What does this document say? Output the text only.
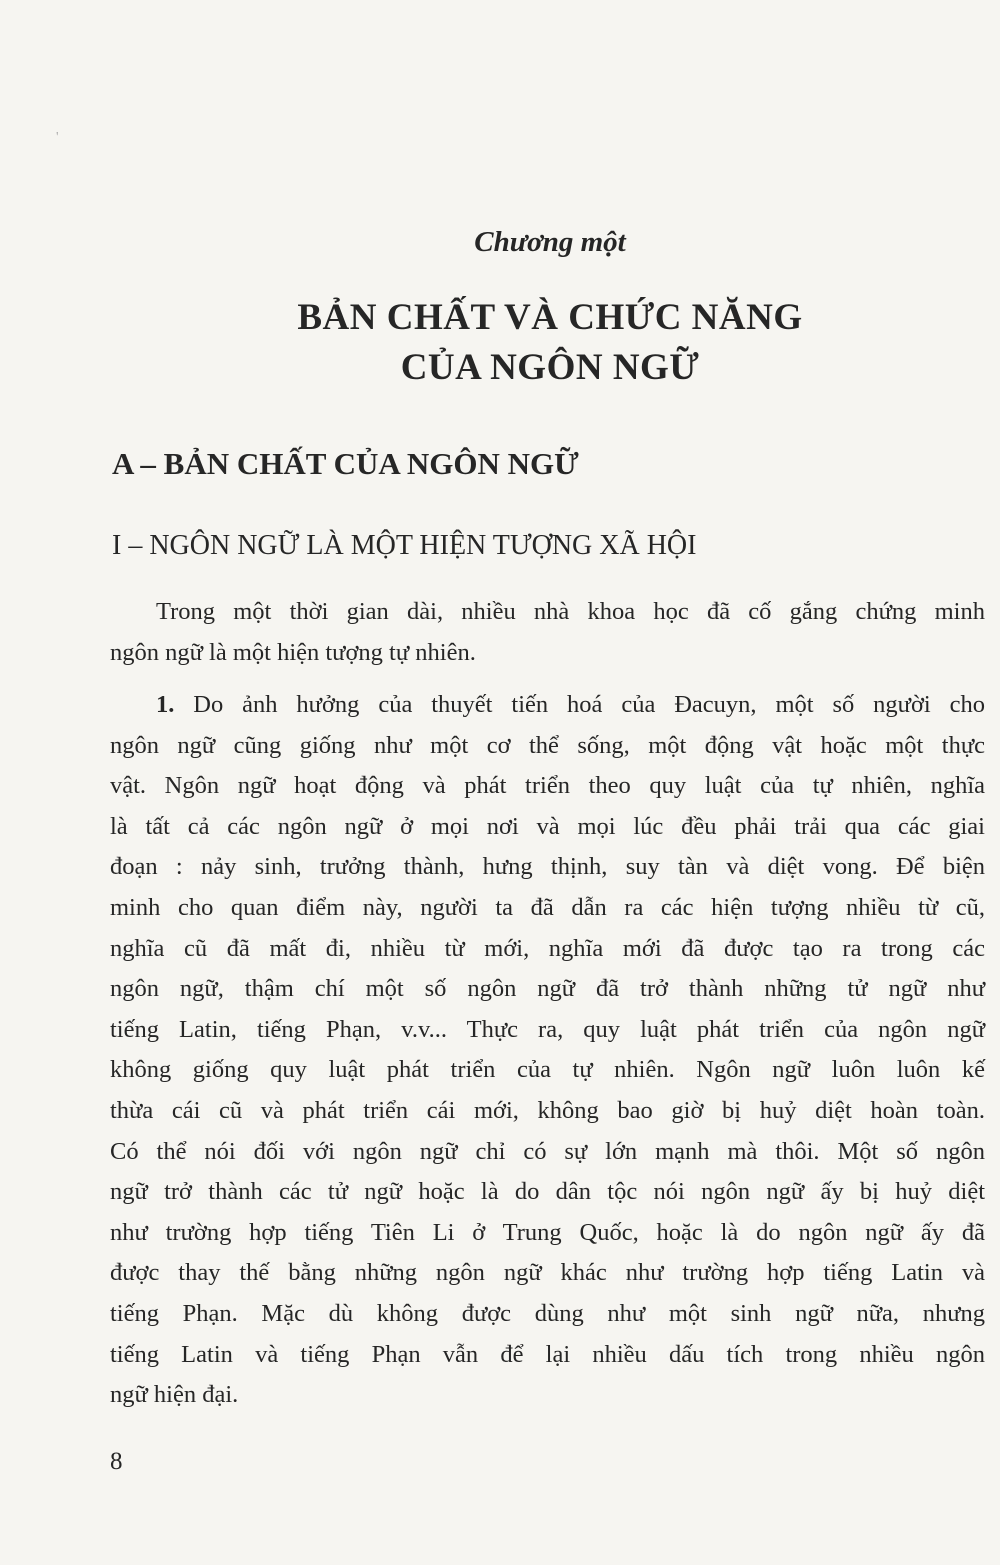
'
Chương một
BẢN CHẤT VÀ CHỨC NĂNG
CỦA NGÔN NGỮ
A – BẢN CHẤT CỦA NGÔN NGỮ
I – NGÔN NGỮ LÀ MỘT HIỆN TƯỢNG XÃ HỘI
Trong một thời gian dài, nhiều nhà khoa học đã cố gắng chứng minh
ngôn ngữ là một hiện tượng tự nhiên.
1. Do ảnh hưởng của thuyết tiến hoá của Đacuyn, một số người cho
ngôn ngữ cũng giống như một cơ thể sống, một động vật hoặc một thực
vật. Ngôn ngữ hoạt động và phát triển theo quy luật của tự nhiên, nghĩa
là tất cả các ngôn ngữ ở mọi nơi và mọi lúc đều phải trải qua các giai
đoạn : nảy sinh, trưởng thành, hưng thịnh, suy tàn và diệt vong. Để biện
minh cho quan điểm này, người ta đã dẫn ra các hiện tượng nhiều từ cũ,
nghĩa cũ đã mất đi, nhiều từ mới, nghĩa mới đã được tạo ra trong các
ngôn ngữ, thậm chí một số ngôn ngữ đã trở thành những tử ngữ như
tiếng Latin, tiếng Phạn, v.v... Thực ra, quy luật phát triển của ngôn ngữ
không giống quy luật phát triển của tự nhiên. Ngôn ngữ luôn luôn kế
thừa cái cũ và phát triển cái mới, không bao giờ bị huỷ diệt hoàn toàn.
Có thể nói đối với ngôn ngữ chỉ có sự lớn mạnh mà thôi. Một số ngôn
ngữ trở thành các tử ngữ hoặc là do dân tộc nói ngôn ngữ ấy bị huỷ diệt
như trường hợp tiếng Tiên Li ở Trung Quốc, hoặc là do ngôn ngữ ấy đã
được thay thế bằng những ngôn ngữ khác như trường hợp tiếng Latin và
tiếng Phạn. Mặc dù không được dùng như một sinh ngữ nữa, nhưng
tiếng Latin và tiếng Phạn vẫn để lại nhiều dấu tích trong nhiều ngôn
ngữ hiện đại.
8
